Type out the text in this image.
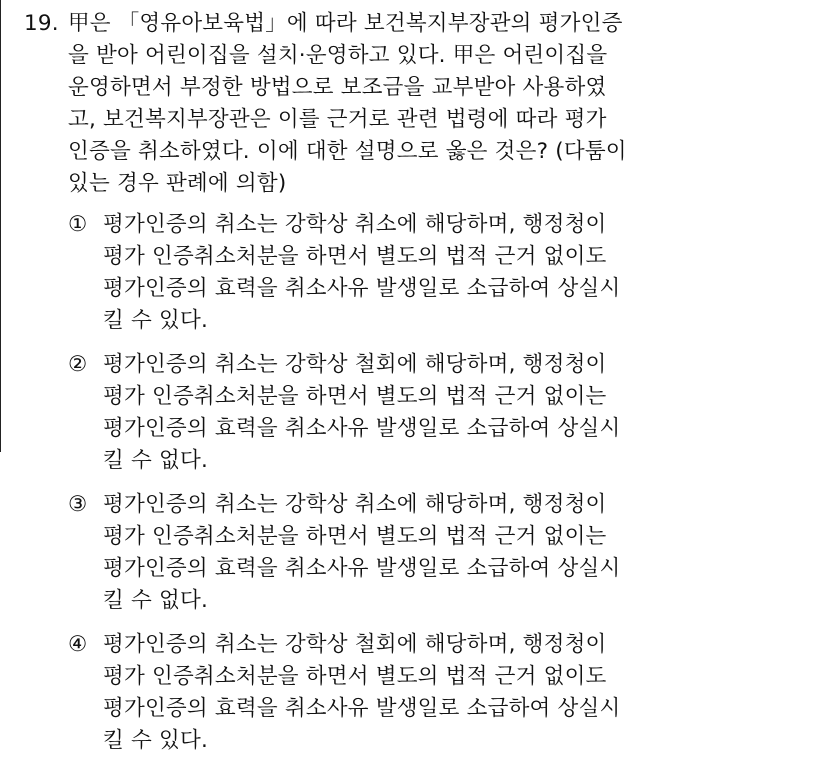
19. 甲은 「영유아보육법」에 따라 보건복지부장관의 평가인증
을 받아 어린이집을 설치·운영하고 있다. 甲은 어린이집을
운영하면서 부정한 방법으로 보조금을 교부받아 사용하였
고, 보건복지부장관은 이를 근거로 관련 법령에 따라 평가
인증을 취소하였다. 이에 대한 설명으로 옳은 것은? (다툼이
있는 경우 판례에 의함)
① 평가인증의 취소는 강학상 취소에 해당하며, 행정청이
평가 인증취소처분을 하면서 별도의 법적 근거 없이도
평가인증의 효력을 취소사유 발생일로 소급하여 상실시
킬 수 있다.
② 평가인증의 취소는 강학상 철회에 해당하며, 행정청이
평가 인증취소처분을 하면서 별도의 법적 근거 없이는
평가인증의 효력을 취소사유 발생일로 소급하여 상실시
킬 수 없다.
③ 평가인증의 취소는 강학상 취소에 해당하며, 행정청이
평가 인증취소처분을 하면서 별도의 법적 근거 없이는
평가인증의 효력을 취소사유 발생일로 소급하여 상실시
킬 수 없다.
④ 평가인증의 취소는 강학상 철회에 해당하며, 행정청이
평가 인증취소처분을 하면서 별도의 법적 근거 없이도
평가인증의 효력을 취소사유 발생일로 소급하여 상실시
킬 수 있다.
